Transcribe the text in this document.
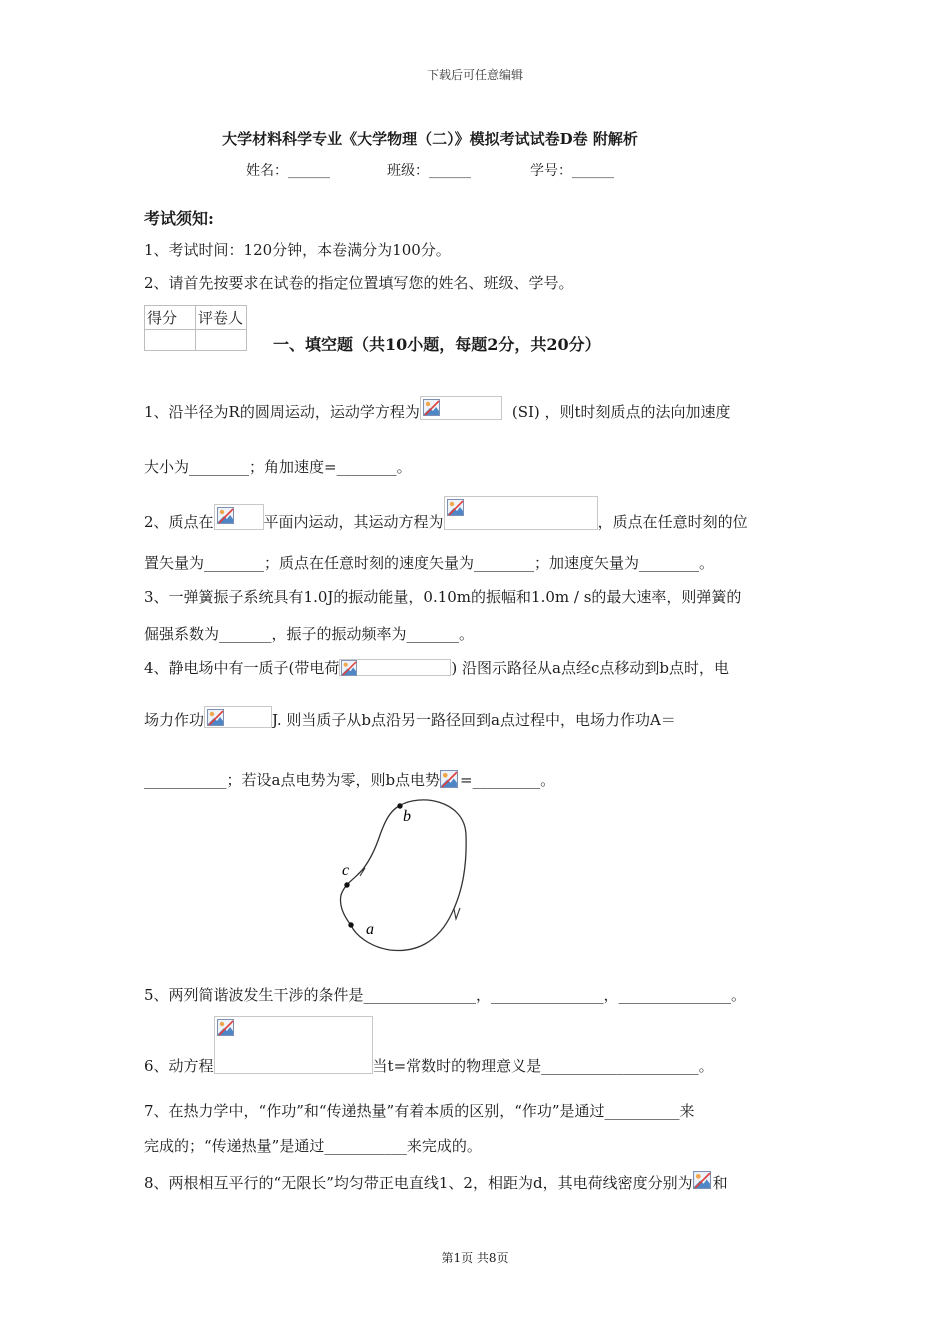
下载后可任意编辑
大学材料科学专业《大学物理（二）》模拟考试试卷D卷 附解析
姓名：______	班级：______	学号：______
考试须知:
1、考试时间：120分钟，本卷满分为100分。
2、请首先按要求在试卷的指定位置填写您的姓名、班级、学号。
得分	评卷人

一、填空题（共10小题，每题2分，共20分）
1、沿半径为R的圆周运动，运动学方程为	(SI) ，则t时刻质点的法向加速度
大小为________；角加速度=________。
2、质点在	平面内运动，其运动方程为	，质点在任意时刻的位
置矢量为________；质点在任意时刻的速度矢量为________；加速度矢量为________。
3、一弹簧振子系统具有1.0J的振动能量，0.10m的振幅和1.0m / s的最大速率，则弹簧的
倔强系数为_______，振子的振动频率为_______。
4、静电场中有一质子(带电荷	) 沿图示路径从a点经c点移动到b点时，电
场力作功	J. 则当质子从b点沿另一路径回到a点过程中，电场力作功A＝
___________；若设a点电势为零，则b点电势 =_________。
b
c
a
5、两列简谐波发生干涉的条件是_______________，_______________，_______________。
6、动方程	当t=常数时的物理意义是_____________________。
7、在热力学中，“作功”和“传递热量”有着本质的区别，“作功”是通过__________来
完成的；“传递热量”是通过___________来完成的。
8、两根相互平行的“无限长”均匀带正电直线1、2，相距为d，其电荷线密度分别为 和
第1页 共8页
